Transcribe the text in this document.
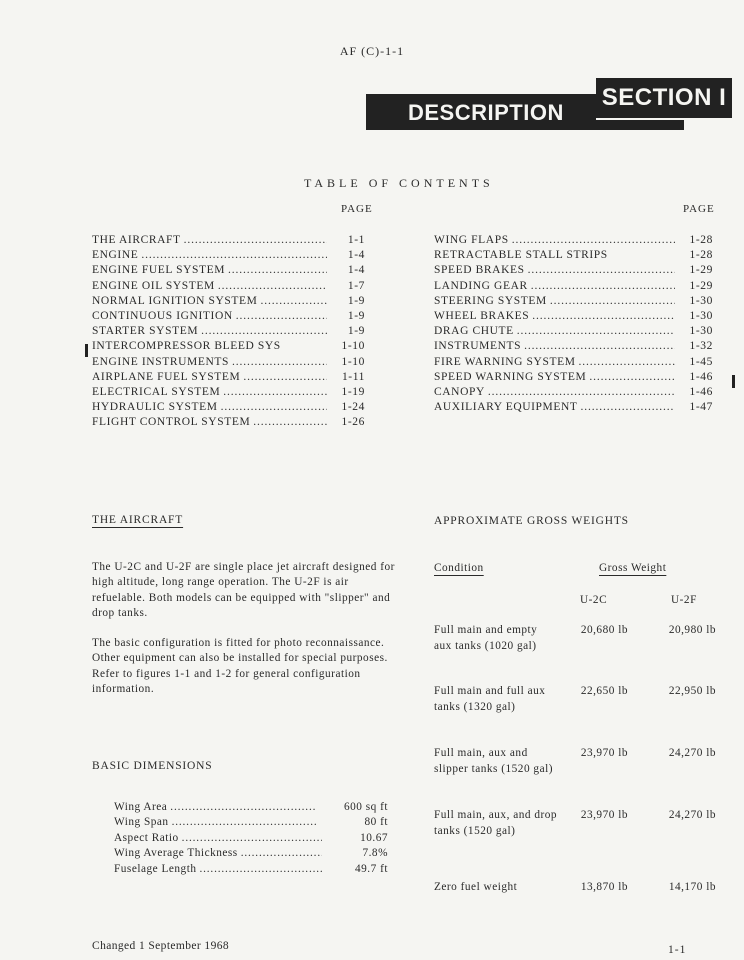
AF (C)-1-1
DESCRIPTION
SECTION I
TABLE OF CONTENTS
PAGE	PAGE
THE AIRCRAFT . . .	1-1
ENGINE . . .	1-4
ENGINE FUEL SYSTEM . . .	1-4
ENGINE OIL SYSTEM . . .	1-7
NORMAL IGNITION SYSTEM . . .	1-9
CONTINUOUS IGNITION . . .	1-9
STARTER SYSTEM . . .	1-9
INTERCOMPRESSOR BLEED SYS	1-10
ENGINE INSTRUMENTS . . .	1-10
AIRPLANE FUEL SYSTEM . . .	1-11
ELECTRICAL SYSTEM . . .	1-19
HYDRAULIC SYSTEM . . .	1-24
FLIGHT CONTROL SYSTEM . . .	1-26
WING FLAPS . . .	1-28
RETRACTABLE STALL STRIPS	1-28
SPEED BRAKES . . .	1-29
LANDING GEAR . . .	1-29
STEERING SYSTEM . . .	1-30
WHEEL BRAKES . . .	1-30
DRAG CHUTE . . .	1-30
INSTRUMENTS . . .	1-32
FIRE WARNING SYSTEM . . .	1-45
SPEED WARNING SYSTEM . . .	1-46
CANOPY . . .	1-46
AUXILIARY EQUIPMENT . . .	1-47
THE AIRCRAFT

The U-2C and U-2F are single place jet aircraft designed for high altitude, long range operation. The U-2F is air refuelable. Both models can be equipped with "slipper" and drop tanks.

The basic configuration is fitted for photo reconnaissance. Other equipment can also be installed for special purposes. Refer to figures 1-1 and 1-2 for general configuration information.

BASIC DIMENSIONS
Wing Area . . .	600 sq ft
Wing Span . . .	80 ft
Aspect Ratio . . .	10.67
Wing Average Thickness . . .	7.8%
Fuselage Length . . .	49.7 ft
APPROXIMATE GROSS WEIGHTS
Condition	Gross Weight
U-2C	U-2F
Full main and empty aux tanks (1020 gal)
20,680 lb	20,980 lb
Full main and full aux tanks (1320 gal)
22,650 lb	22,950 lb
Full main, aux and slipper tanks (1520 gal)
23,970 lb	24,270 lb
Full main, aux, and drop tanks (1520 gal)
23,970 lb	24,270 lb
Zero fuel weight	13,870 lb	14,170 lb
Changed 1 September 1968	1-1
